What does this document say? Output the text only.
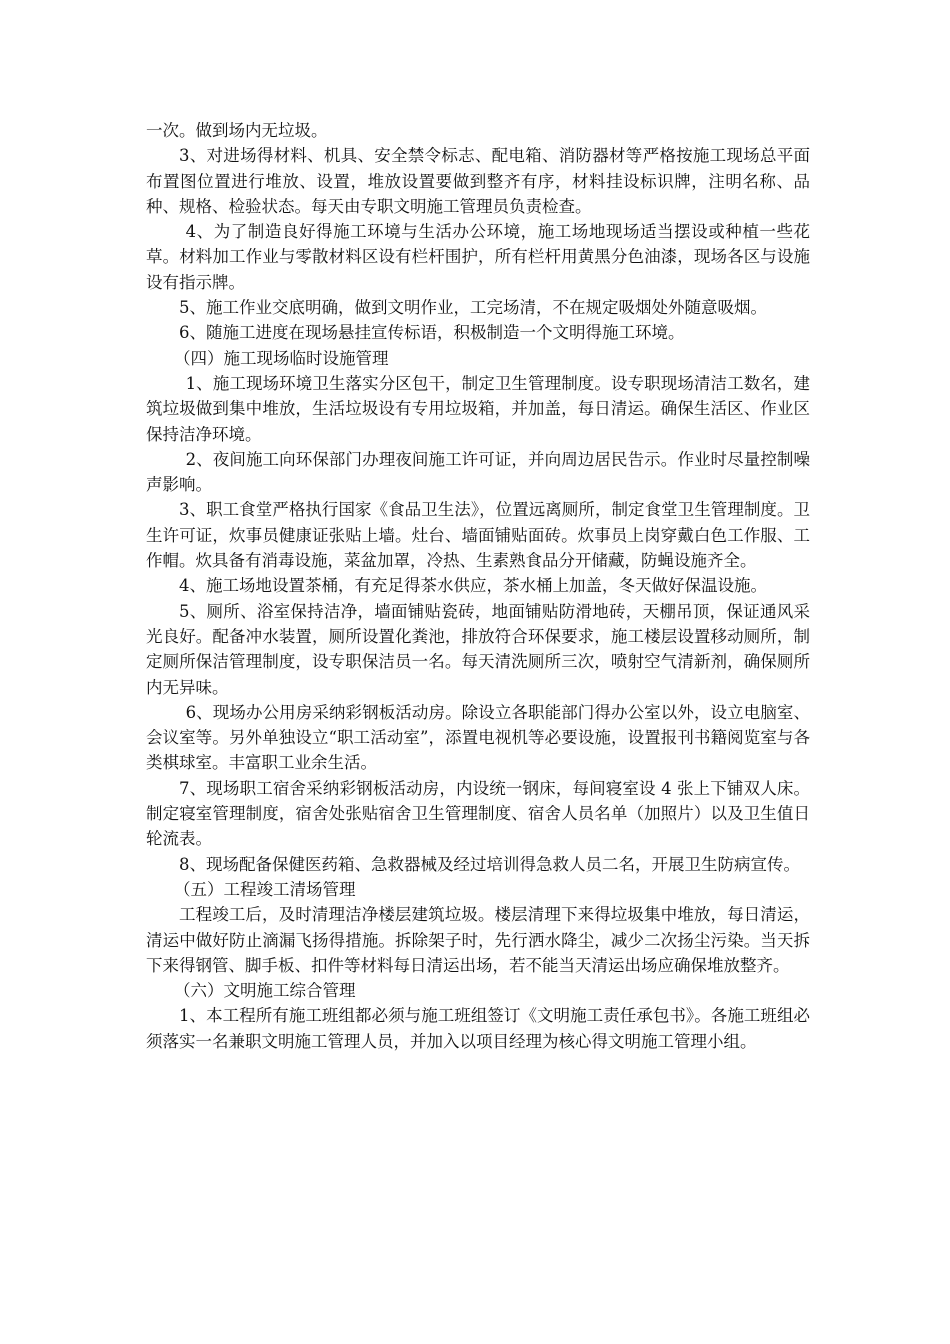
一次。做到场内无垃圾。

3、对进场得材料、机具、安全禁令标志、配电箱、消防器材等严格按施工现场总平面布置图位置进行堆放、设置，堆放设置要做到整齐有序，材料挂设标识牌，注明名称、品种、规格、检验状态。每天由专职文明施工管理员负责检查。

4、为了制造良好得施工环境与生活办公环境，施工场地现场适当摆设或种植一些花草。材料加工作业与零散材料区设有栏杆围护，所有栏杆用黄黑分色油漆，现场各区与设施设有指示牌。

5、施工作业交底明确，做到文明作业，工完场清，不在规定吸烟处外随意吸烟。

6、随施工进度在现场悬挂宣传标语，积极制造一个文明得施工环境。

（四）施工现场临时设施管理

1、施工现场环境卫生落实分区包干，制定卫生管理制度。设专职现场清洁工数名，建筑垃圾做到集中堆放，生活垃圾设有专用垃圾箱，并加盖，每日清运。确保生活区、作业区保持洁净环境。

2、夜间施工向环保部门办理夜间施工许可证，并向周边居民告示。作业时尽量控制噪声影响。

3、职工食堂严格执行国家《食品卫生法》，位置远离厕所，制定食堂卫生管理制度。卫生许可证，炊事员健康证张贴上墙。灶台、墙面铺贴面砖。炊事员上岗穿戴白色工作服、工作帽。炊具备有消毒设施，菜盆加罩，冷热、生素熟食品分开储藏，防蝇设施齐全。

4、施工场地设置茶桶，有充足得茶水供应，茶水桶上加盖，冬天做好保温设施。

5、厕所、浴室保持洁净，墙面铺贴瓷砖，地面铺贴防滑地砖，天棚吊顶，保证通风采光良好。配备冲水装置，厕所设置化粪池，排放符合环保要求，施工楼层设置移动厕所，制定厕所保洁管理制度，设专职保洁员一名。每天清洗厕所三次，喷射空气清新剂，确保厕所内无异味。

6、现场办公用房采纳彩钢板活动房。除设立各职能部门得办公室以外，设立电脑室、会议室等。另外单独设立“职工活动室”，添置电视机等必要设施，设置报刊书籍阅览室与各类棋球室。丰富职工业余生活。

7、现场职工宿舍采纳彩钢板活动房，内设统一钢床，每间寝室设 4 张上下铺双人床。制定寝室管理制度，宿舍处张贴宿舍卫生管理制度、宿舍人员名单（加照片）以及卫生值日轮流表。

8、现场配备保健医药箱、急救器械及经过培训得急救人员二名，开展卫生防病宣传。

（五）工程竣工清场管理

工程竣工后，及时清理洁净楼层建筑垃圾。楼层清理下来得垃圾集中堆放，每日清运，清运中做好防止滴漏飞扬得措施。拆除架子时，先行洒水降尘，减少二次扬尘污染。当天拆下来得钢管、脚手板、扣件等材料每日清运出场，若不能当天清运出场应确保堆放整齐。

（六）文明施工综合管理

1、本工程所有施工班组都必须与施工班组签订《文明施工责任承包书》。各施工班组必须落实一名兼职文明施工管理人员，并加入以项目经理为核心得文明施工管理小组。
